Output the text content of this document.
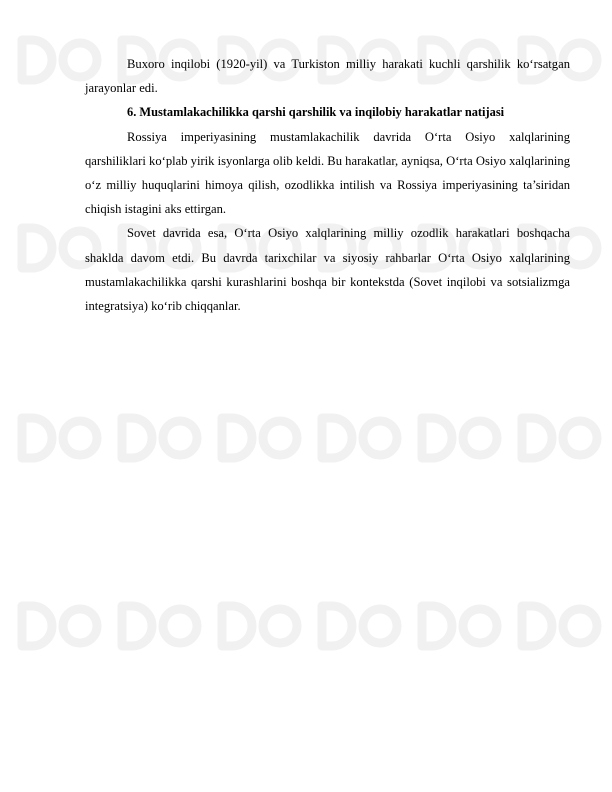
Buxoro inqilobi (1920-yil) va Turkiston milliy harakati kuchli qarshilik ko‘rsatgan jarayonlar edi.

6. Mustamlakachilikka qarshi qarshilik va inqilobiy harakatlar natijasi

Rossiya imperiyasining mustamlakachilik davrida O‘rta Osiyo xalqlarining qarshiliklari ko‘plab yirik isyonlarga olib keldi. Bu harakatlar, ayniqsa, O‘rta Osiyo xalqlarining o‘z milliy huquqlarini himoya qilish, ozodlikka intilish va Rossiya imperiyasining ta’siridan chiqish istagini aks ettirgan.

Sovet davrida esa, O‘rta Osiyo xalqlarining milliy ozodlik harakatlari boshqacha shaklda davom etdi. Bu davrda tarixchilar va siyosiy rahbarlar O‘rta Osiyo xalqlarining mustamlakachilikka qarshi kurashlarini boshqa bir kontekstda (Sovet inqilobi va sotsializmga integratsiya) ko‘rib chiqqanlar.
